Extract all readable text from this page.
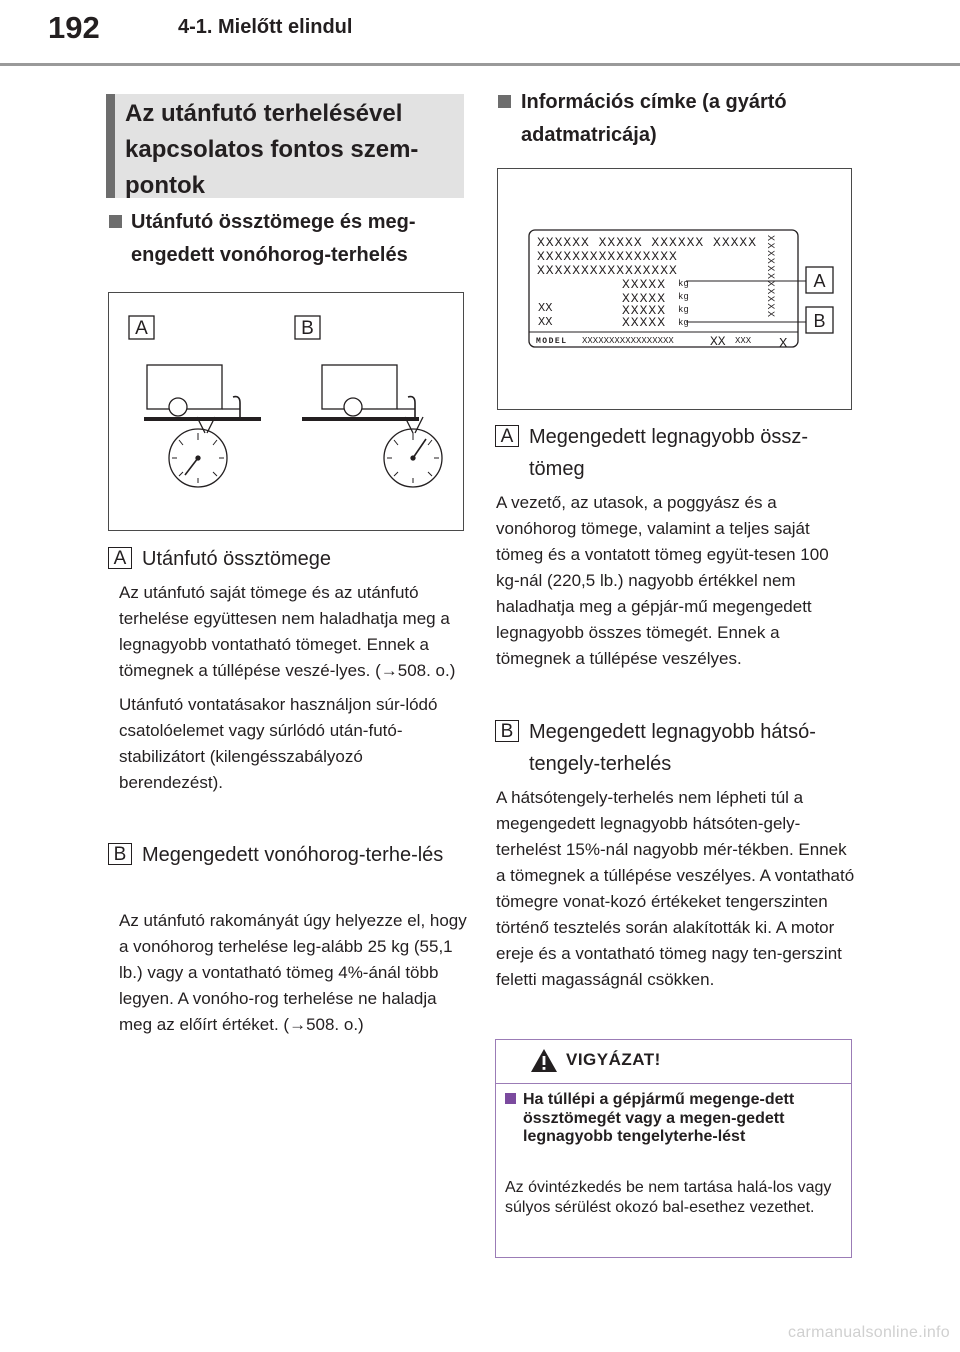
192	4-1. Mielőtt elindul
Az utánfutó terhelésével kapcsolatos fontos szem-pontok
Utánfutó össztömege és meg-engedett vonóhorog-terhelés
A	B
A Utánfutó össztömege

Az utánfutó saját tömege és az utánfutó terhelése együttesen nem haladhatja meg a legnagyobb vontatható tömeget. Ennek a tömegnek a túllépése veszé-lyes. (→508. o.)

Utánfutó vontatásakor használjon súr-lódó csatolóelemet vagy súrlódó után-futó-stabilizátort (kilengésszabályozó berendezést).

B Megengedett vonóhorog-terhe-lés

Az utánfutó rakományát úgy helyezze el, hogy a vonóhorog terhelése leg-alább 25 kg (55,1 lb.) vagy a vontatható tömeg 4%-ánál több legyen. A vonóho-rog terhelése ne haladja meg az előírt értéket. (→508. o.)

Információs címke (a gyártó adatmatricája)
XXXXXX XXXXX XXXXXX XXXXX
XXXXXXXXXXXXXXXX
XXXXXXXXXXXXXXXX
XXXXX
XXXXX
XXXXX
XXXXX
kg
kg
kg
kg
XX
XX
MODEL XXXXXXXXXXXXXXXXX	XX XXX
XXXXXXXXXXX
X
A
B
A Megengedett legnagyobb össz-tömeg

A vezető, az utasok, a poggyász és a vonóhorog tömege, valamint a teljes saját tömeg és a vontatott tömeg együt-tesen 100 kg-nál (220,5 lb.) nagyobb értékkel nem haladhatja meg a gépjár-mű megengedett legnagyobb összes tömegét. Ennek a tömegnek a túllépése veszélyes.

B Megengedett legnagyobb hátsó-tengely-terhelés

A hátsótengely-terhelés nem lépheti túl a megengedett legnagyobb hátsóten-gely-terhelést 15%-nál nagyobb mér-tékben. Ennek a tömegnek a túllépése veszélyes. A vontatható tömegre vonat-kozó értékeket tengerszinten történő tesztelés során alakították ki. A motor ereje és a vontatható tömeg nagy ten-gerszint feletti magasságnál csökken.

VIGYÁZAT!
Ha túllépi a gépjármű megenge-dett össztömegét vagy a megen-gedett legnagyobb tengelyterhe-lést
Az óvintézkedés be nem tartása halá-los vagy súlyos sérülést okozó bal-esethez vezethet.
carmanualsonline.info
